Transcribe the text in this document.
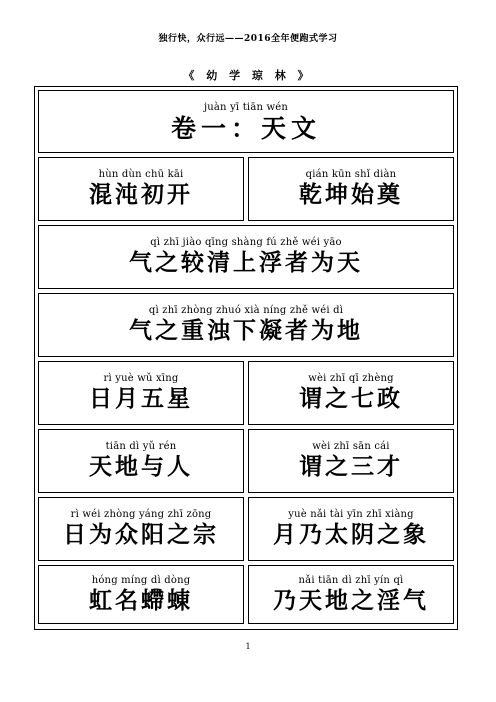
独行快，众行远——2016全年便跑式学习
《 幼 学 琼 林 》
juàn yī tiān wén
卷一：天文
hùn dùn chū kāi
混沌初开
qián kūn shǐ diàn
乾坤始奠
qì zhī jiào qīng shàng fú zhě wéi yāo
气之较清上浮者为天
qì zhī zhòng zhuó xià níng zhě wéi dì
气之重浊下凝者为地
rì yuè wǔ xīng
日月五星
wèi zhī qī zhèng
谓之七政
tiān dì yǔ rén
天地与人
wèi zhī sān cái
谓之三才
rì wéi zhòng yáng zhī zōng
日为众阳之宗
yuè nǎi tài yīn zhī xiàng
月乃太阴之象
hóng míng dì dòng
虹名螮蝀
nǎi tiān dì zhī yín qì
乃天地之淫气
1
